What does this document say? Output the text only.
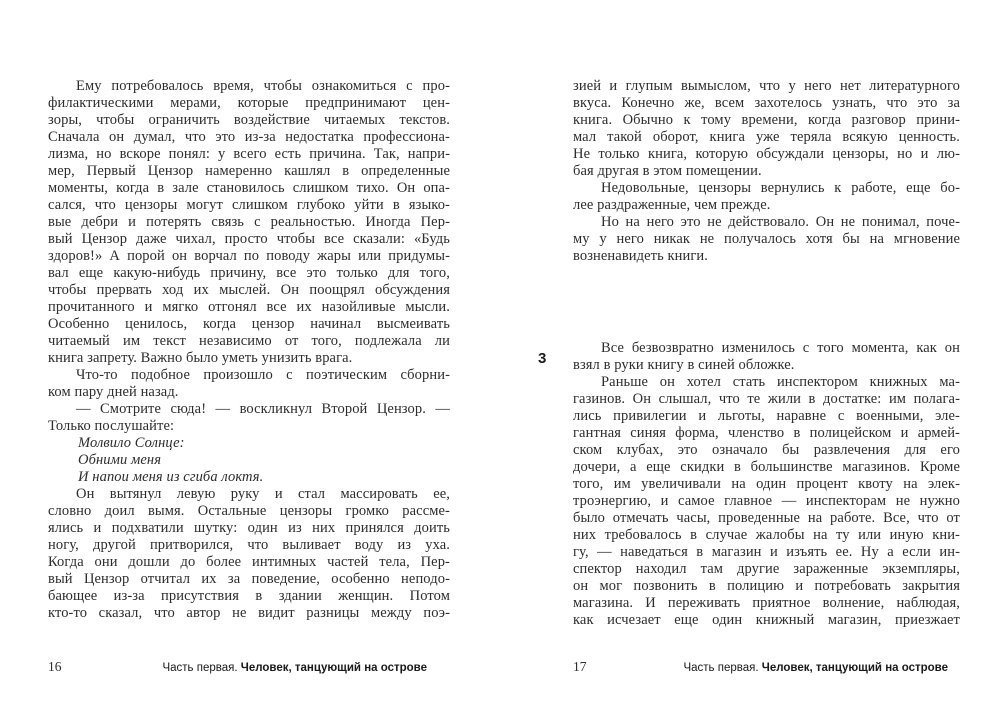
Ему потребовалось время, чтобы ознакомиться с про-
филактическими мерами, которые предпринимают цен-
зоры, чтобы ограничить воздействие читаемых текстов.
Сначала он думал, что это из-за недостатка профессиона-
лизма, но вскоре понял: у всего есть причина. Так, напри-
мер, Первый Цензор намеренно кашлял в определенные
моменты, когда в зале становилось слишком тихо. Он опа-
сался, что цензоры могут слишком глубоко уйти в языко-
вые дебри и потерять связь с реальностью. Иногда Пер-
вый Цензор даже чихал, просто чтобы все сказали: «Будь
здоров!» А порой он ворчал по поводу жары или придумы-
вал еще какую-нибудь причину, все это только для того,
чтобы прервать ход их мыслей. Он поощрял обсуждения
прочитанного и мягко отгонял все их назойливые мысли.
Особенно ценилось, когда цензор начинал высмеивать
читаемый им текст независимо от того, подлежала ли
книга запрету. Важно было уметь унизить врага.
Что-то подобное произошло с поэтическим сборни-
ком пару дней назад.
— Смотрите сюда! — воскликнул Второй Цензор. —
Только послушайте:
Молвило Солнце:
Обними меня
И напои меня из сгиба локтя.
Он вытянул левую руку и стал массировать ее,
словно доил вымя. Остальные цензоры громко рассме-
ялись и подхватили шутку: один из них принялся доить
ногу, другой притворился, что выливает воду из уха.
Когда они дошли до более интимных частей тела, Пер-
вый Цензор отчитал их за поведение, особенно неподо-
бающее из-за присутствия в здании женщин. Потом
кто-то сказал, что автор не видит разницы между поэ-
3
зией и глупым вымыслом, что у него нет литературного
вкуса. Конечно же, всем захотелось узнать, что это за
книга. Обычно к тому времени, когда разговор прини-
мал такой оборот, книга уже теряла всякую ценность.
Не только книга, которую обсуждали цензоры, но и лю-
бая другая в этом помещении.
Недовольные, цензоры вернулись к работе, еще бо-
лее раздраженные, чем прежде.
Но на него это не действовало. Он не понимал, поче-
му у него никак не получалось хотя бы на мгновение
возненавидеть книги.
Все безвозвратно изменилось с того момента, как он
взял в руки книгу в синей обложке.
Раньше он хотел стать инспектором книжных ма-
газинов. Он слышал, что те жили в достатке: им полага-
лись привилегии и льготы, наравне с военными, эле-
гантная синяя форма, членство в полицейском и армей-
ском клубах, это означало бы развлечения для его
дочери, а еще скидки в большинстве магазинов. Кроме
того, им увеличивали на один процент квоту на элек-
троэнергию, и самое главное — инспекторам не нужно
было отмечать часы, проведенные на работе. Все, что от
них требовалось в случае жалобы на ту или иную кни-
гу, — наведаться в магазин и изъять ее. Ну а если ин-
спектор находил там другие зараженные экземпляры,
он мог позвонить в полицию и потребовать закрытия
магазина. И переживать приятное волнение, наблюдая,
как исчезает еще один книжный магазин, приезжает
16	Часть первая. Человек, танцующий на острове	17	Часть первая. Человек, танцующий на острове
